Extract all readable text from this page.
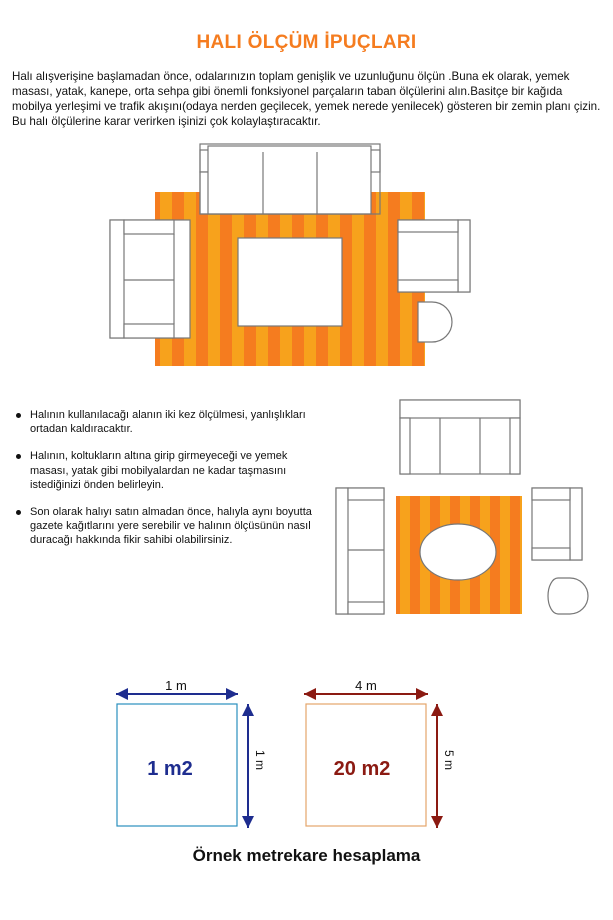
HALI ÖLÇÜM İPUÇLARI
Halı alışverişine başlamadan önce, odalarınızın toplam genişlik ve uzunluğunu ölçün .Buna ek olarak, yemek masası, yatak, kanepe, orta sehpa gibi önemli fonksiyonel parçaların taban ölçülerini alın.Basitçe bir kağıda mobilya yerleşimi ve trafik akışını(odaya nerden geçilecek, yemek nerede yenilecek) gösteren bir zemin planı çizin. Bu halı ölçülerine karar verirken işinizi çok kolaylaştıracaktır.
Halının kullanılacağı alanın iki kez ölçülmesi, yanlışlıkları ortadan kaldıracaktır.
Halının, koltukların altına girip girmeyeceği ve yemek masası, yatak gibi mobilyalardan ne kadar taşmasını istediğinizi önden belirleyin.
Son olarak halıyı satın almadan önce, halıyla aynı boyutta gazete kağıtlarını yere serebilir ve halının ölçüsünün nasıl duracağı hakkında fikir sahibi olabilirsiniz.
1 m
1 m2	1 m
4 m
20 m2	5 m
Örnek metrekare hesaplama
